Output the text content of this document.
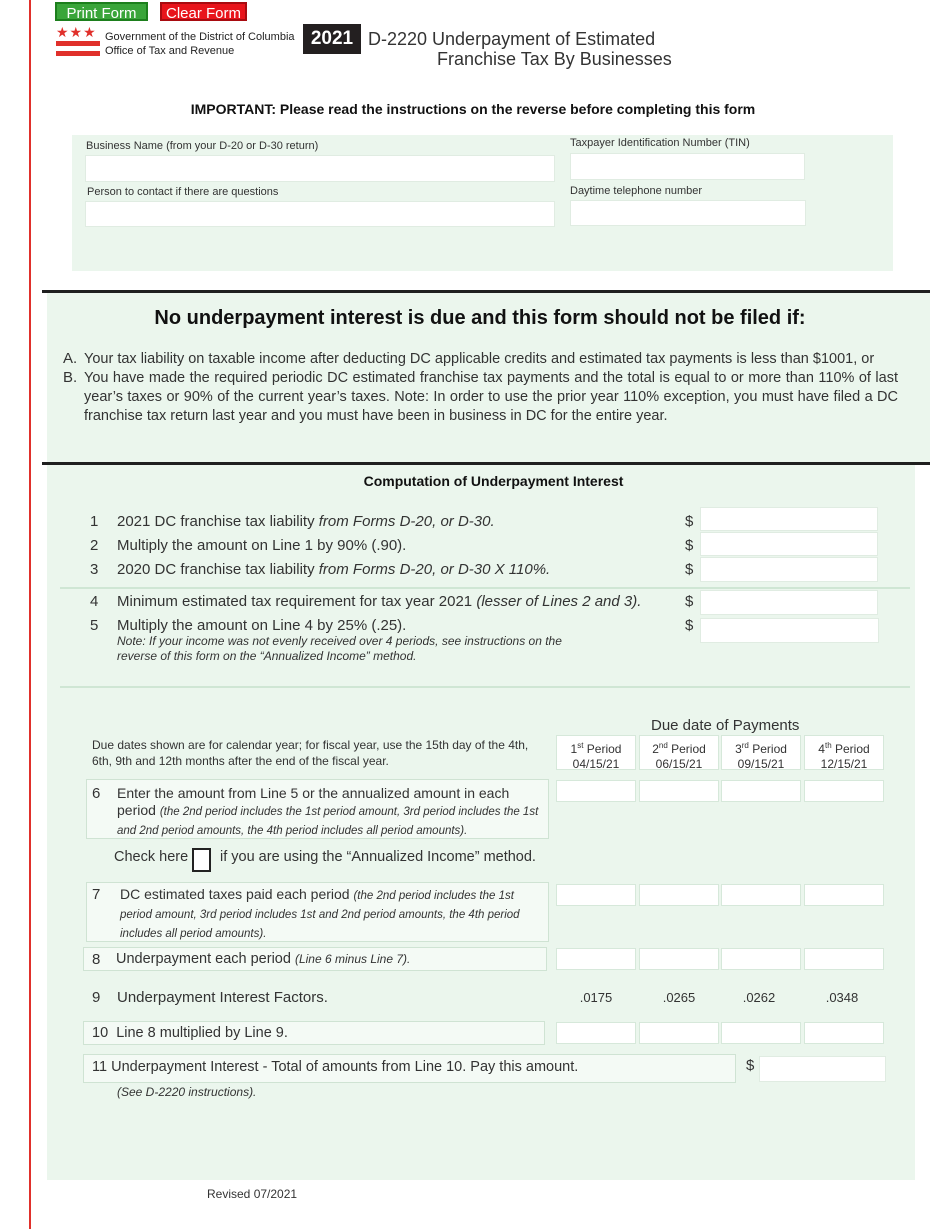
Print Form	Clear Form
★★★ Government of the District of Columbia
Office of Tax and Revenue
2021 D-2220 Underpayment of Estimated
Franchise Tax By Businesses
IMPORTANT: Please read the instructions on the reverse before completing this form
Business Name (from your D-20 or D-30 return)	Taxpayer Identification Number (TIN)
Person to contact if there are questions	Daytime telephone number
No underpayment interest is due and this form should not be filed if:
A. Your tax liability on taxable income after deducting DC applicable credits and estimated tax payments is less than $1001, or
B. You have made the required periodic DC estimated franchise tax payments and the total is equal to or more than 110% of last year’s taxes or 90% of the current year’s taxes. Note: In order to use the prior year 110% exception, you must have filed a DC franchise tax return last year and you must have been in business in DC for the entire year.
Computation of Underpayment Interest
1 2021 DC franchise tax liability from Forms D-20, or D-30.	$
2 Multiply the amount on Line 1 by 90% (.90).	$
3 2020 DC franchise tax liability from Forms D-20, or D-30 X 110%.	$
4 Minimum estimated tax requirement for tax year 2021 (lesser of Lines 2 and 3).	$
5 Multiply the amount on Line 4 by 25% (.25).
Note: If your income was not evenly received over 4 periods, see instructions on the reverse of this form on the “Annualized Income” method.
$
Due date of Payments
Due dates shown are for calendar year; for fiscal year, use the 15th day of the 4th, 6th, 9th and 12th months after the end of the fiscal year.
1st Period
04/15/21
2nd Period
06/15/21
3rd Period
09/15/21
4th Period
12/15/21
6 Enter the amount from Line 5 or the annualized amount in each period (the 2nd period includes the 1st period amount, 3rd period includes the 1st and 2nd period amounts, the 4th period includes all period amounts).
Check here if you are using the “Annualized Income” method.
7 DC estimated taxes paid each period (the 2nd period includes the 1st period amount, 3rd period includes 1st and 2nd period amounts, the 4th period includes all period amounts).
8 Underpayment each period (Line 6 minus Line 7).
9 Underpayment Interest Factors.	.0175	.0265	.0262	.0348
10 Line 8 multiplied by Line 9.
11 Underpayment Interest - Total of amounts from Line 10. Pay this amount.	$
(See D-2220 instructions).
Revised 07/2021
